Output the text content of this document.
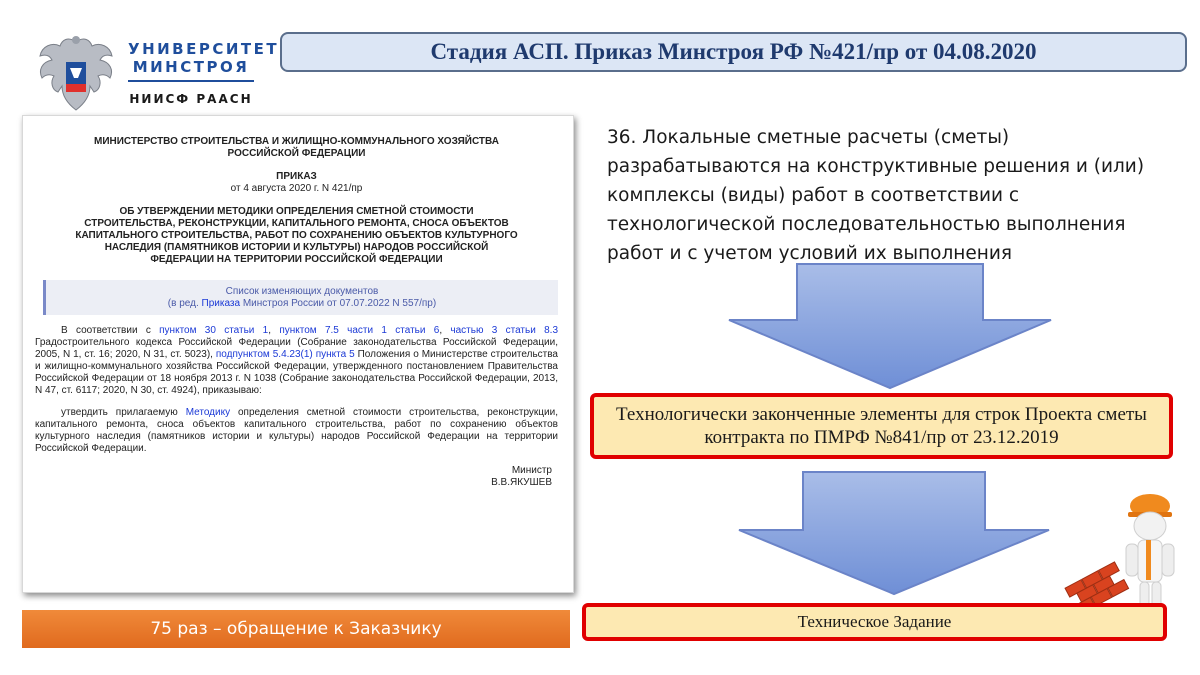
УНИВЕРСИТЕТ
МИНСТРОЯ
НИИСФ РААСН
Стадия АСП. Приказ Минстроя РФ №421/пр от 04.08.2020
МИНИСТЕРСТВО СТРОИТЕЛЬСТВА И ЖИЛИЩНО-КОММУНАЛЬНОГО ХОЗЯЙСТВА РОССИЙСКОЙ ФЕДЕРАЦИИ
ПРИКАЗ
от 4 августа 2020 г. N 421/пр
ОБ УТВЕРЖДЕНИИ МЕТОДИКИ ОПРЕДЕЛЕНИЯ СМЕТНОЙ СТОИМОСТИ СТРОИТЕЛЬСТВА, РЕКОНСТРУКЦИИ, КАПИТАЛЬНОГО РЕМОНТА, СНОСА ОБЪЕКТОВ КАПИТАЛЬНОГО СТРОИТЕЛЬСТВА, РАБОТ ПО СОХРАНЕНИЮ ОБЪЕКТОВ КУЛЬТУРНОГО НАСЛЕДИЯ (ПАМЯТНИКОВ ИСТОРИИ И КУЛЬТУРЫ) НАРОДОВ РОССИЙСКОЙ ФЕДЕРАЦИИ НА ТЕРРИТОРИИ РОССИЙСКОЙ ФЕДЕРАЦИИ
Список изменяющих документов
(в ред. Приказа Минстроя России от 07.07.2022 N 557/пр)
В соответствии с пунктом 30 статьи 1, пунктом 7.5 части 1 статьи 6, частью 3 статьи 8.3 Градостроительного кодекса Российской Федерации (Собрание законодательства Российской Федерации, 2005, N 1, ст. 16; 2020, N 31, ст. 5023), подпунктом 5.4.23(1) пункта 5 Положения о Министерстве строительства и жилищно-коммунального хозяйства Российской Федерации, утвержденного постановлением Правительства Российской Федерации от 18 ноября 2013 г. N 1038 (Собрание законодательства Российской Федерации, 2013, N 47, ст. 6117; 2020, N 30, ст. 4924), приказываю:
утвердить прилагаемую Методику определения сметной стоимости строительства, реконструкции, капитального ремонта, сноса объектов капитального строительства, работ по сохранению объектов культурного наследия (памятников истории и культуры) народов Российской Федерации на территории Российской Федерации.
Министр
В.В.ЯКУШЕВ
75 раз – обращение к Заказчику
36. Локальные сметные расчеты (сметы) разрабатываются на конструктивные решения и (или) комплексы (виды) работ в соответствии с технологической последовательностью выполнения работ и с учетом условий их выполнения
Технологически законченные элементы для строк Проекта сметы контракта по ПМРФ №841/пр от 23.12.2019
Техническое Задание
